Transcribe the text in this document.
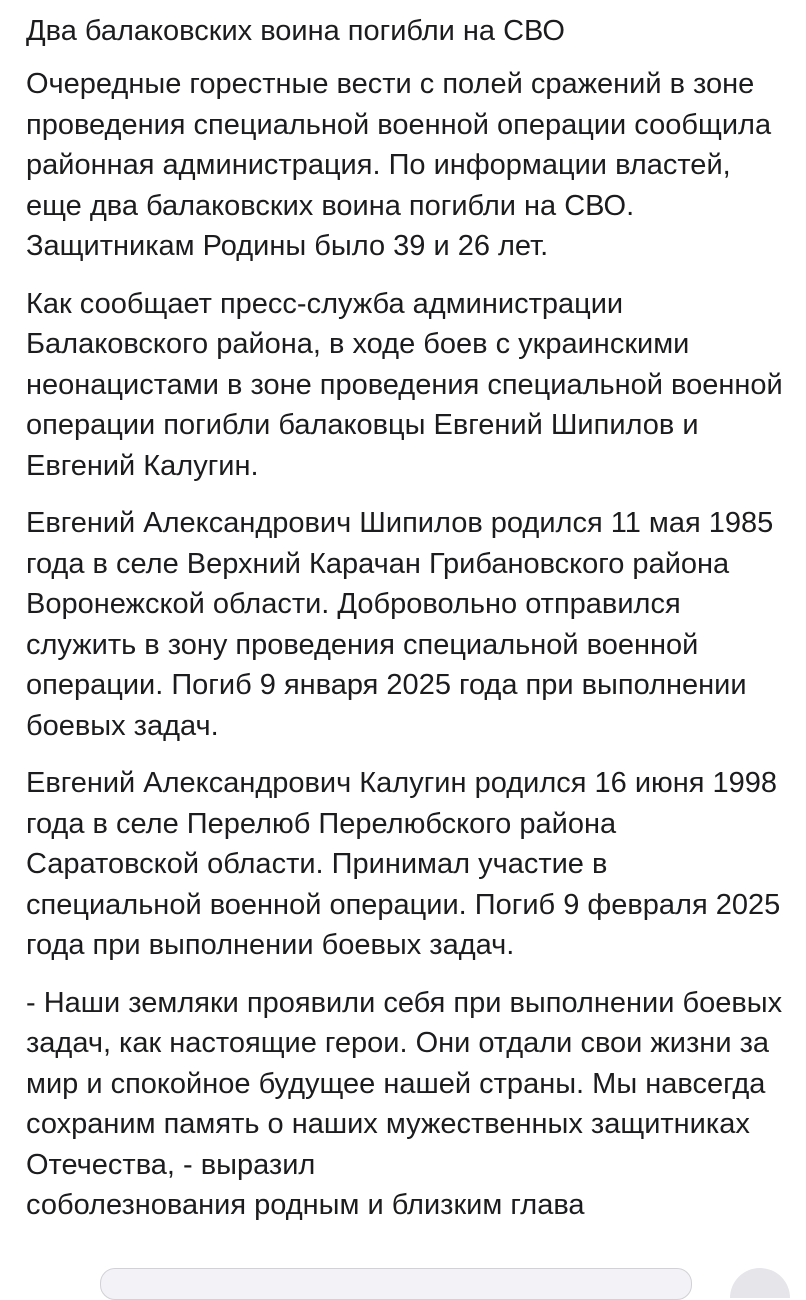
Два балаковских воина погибли на СВО

Очередные горестные вести с полей сражений в зоне проведения специальной военной операции сообщила районная администрация. По информации властей, еще два балаковских воина погибли на СВО. Защитникам Родины было 39 и 26 лет.

Как сообщает пресс-служба администрации Балаковского района, в ходе боев с украинскими неонацистами в зоне проведения специальной военной операции погибли балаковцы Евгений Шипилов и Евгений Калугин.

Евгений Александрович Шипилов родился 11 мая 1985 года в селе Верхний Карачан Грибановского района Воронежской области. Добровольно отправился служить в зону проведения специальной военной операции. Погиб 9 января 2025 года при выполнении боевых задач.

Евгений Александрович Калугин родился 16 июня 1998 года в селе Перелюб Перелюбского района Саратовской области. Принимал участие в специальной военной операции. Погиб 9 февраля 2025 года при выполнении боевых задач.

- Наши земляки проявили себя при выполнении боевых задач, как настоящие герои. Они отдали свои жизни за мир и спокойное будущее нашей страны. Мы навсегда сохраним память о наших мужественных защитниках Отечества, - выразил

соболезнования родным и близким глава
